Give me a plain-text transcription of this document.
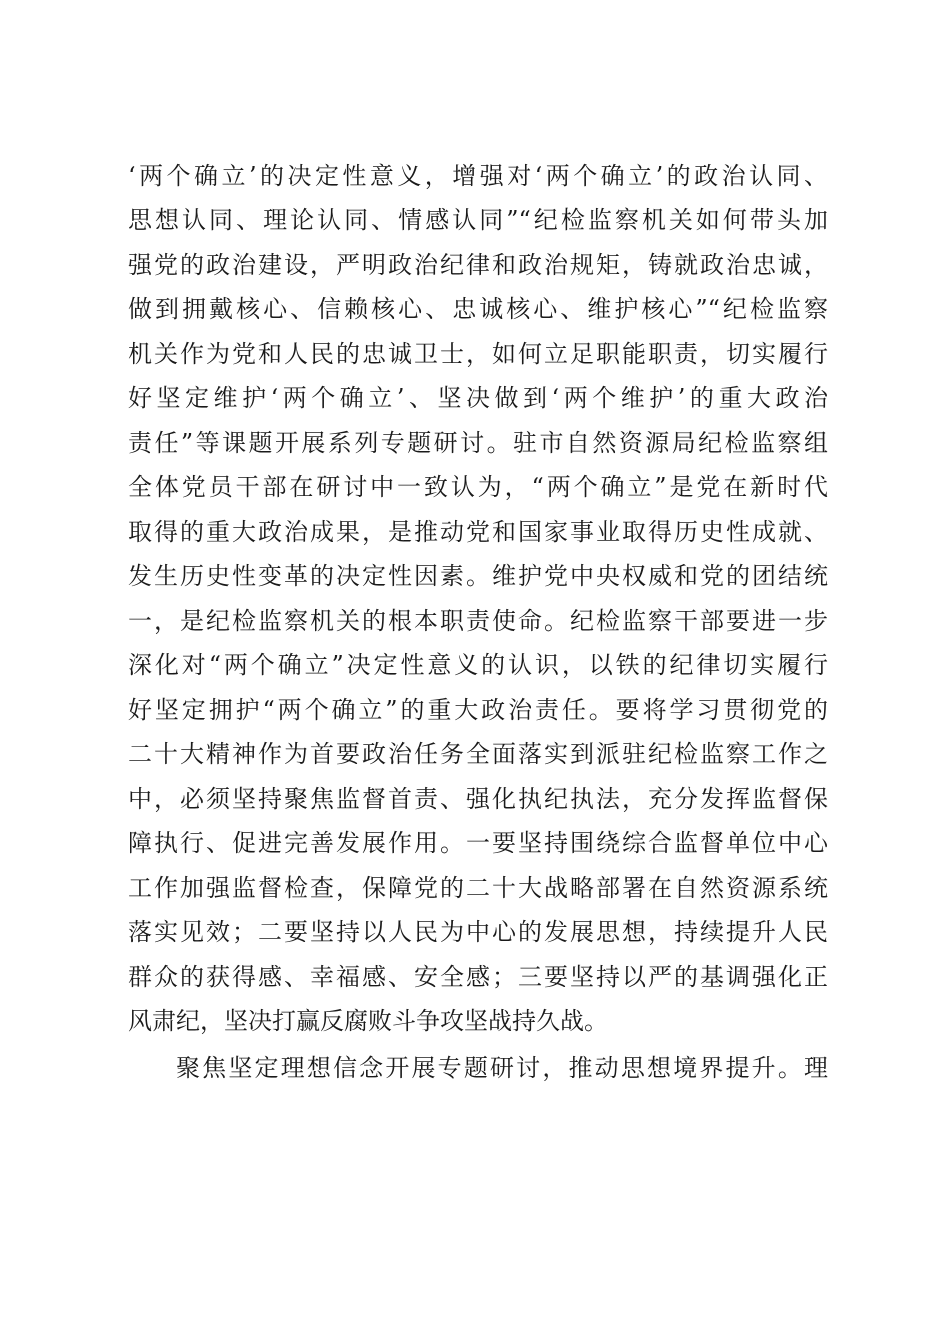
‘两个确立’的决定性意义，增强对‘两个确立’的政治认同、
思想认同、理论认同、情感认同”“纪检监察机关如何带头加
强党的政治建设，严明政治纪律和政治规矩，铸就政治忠诚，
做到拥戴核心、信赖核心、忠诚核心、维护核心”“纪检监察
机关作为党和人民的忠诚卫士，如何立足职能职责，切实履行
好坚定维护‘两个确立’、坚决做到‘两个维护’的重大政治
责任”等课题开展系列专题研讨。驻市自然资源局纪检监察组
全体党员干部在研讨中一致认为，“两个确立”是党在新时代
取得的重大政治成果，是推动党和国家事业取得历史性成就、
发生历史性变革的决定性因素。维护党中央权威和党的团结统
一，是纪检监察机关的根本职责使命。纪检监察干部要进一步
深化对“两个确立”决定性意义的认识，以铁的纪律切实履行
好坚定拥护“两个确立”的重大政治责任。要将学习贯彻党的
二十大精神作为首要政治任务全面落实到派驻纪检监察工作之
中，必须坚持聚焦监督首责、强化执纪执法，充分发挥监督保
障执行、促进完善发展作用。一要坚持围绕综合监督单位中心
工作加强监督检查，保障党的二十大战略部署在自然资源系统
落实见效；二要坚持以人民为中心的发展思想，持续提升人民
群众的获得感、幸福感、安全感；三要坚持以严的基调强化正
风肃纪，坚决打赢反腐败斗争攻坚战持久战。
聚焦坚定理想信念开展专题研讨，推动思想境界提升。理
